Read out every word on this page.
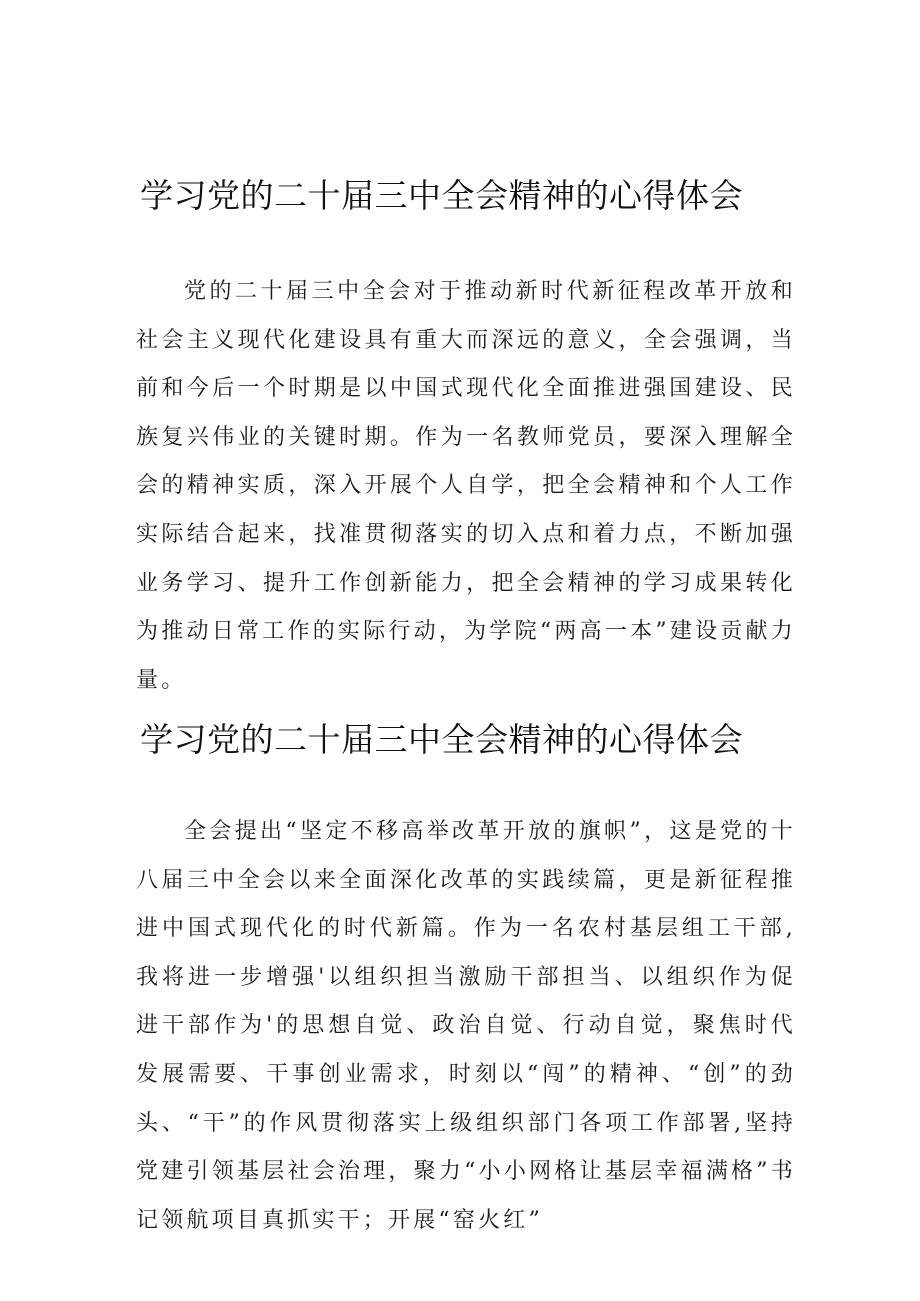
学习党的二十届三中全会精神的心得体会

党的二十届三中全会对于推动新时代新征程改革开放和社会主义现代化建设具有重大而深远的意义，全会强调，当前和今后一个时期是以中国式现代化全面推进强国建设、民族复兴伟业的关键时期。作为一名教师党员，要深入理解全会的精神实质，深入开展个人自学，把全会精神和个人工作实际结合起来，找准贯彻落实的切入点和着力点，不断加强业务学习、提升工作创新能力，把全会精神的学习成果转化为推动日常工作的实际行动，为学院“两高一本”建设贡献力量。

学习党的二十届三中全会精神的心得体会

全会提出“坚定不移高举改革开放的旗帜”，这是党的十八届三中全会以来全面深化改革的实践续篇，更是新征程推进中国式现代化的时代新篇。作为一名农村基层组工干部,我将进一步增强'以组织担当激励干部担当、以组织作为促进干部作为'的思想自觉、政治自觉、行动自觉，聚焦时代发展需要、干事创业需求，时刻以“闯”的精神、“创”的劲头、“干”的作风贯彻落实上级组织部门各项工作部署,坚持党建引领基层社会治理，聚力“小小网格让基层幸福满格”书记领航项目真抓实干；开展“窑火红”
